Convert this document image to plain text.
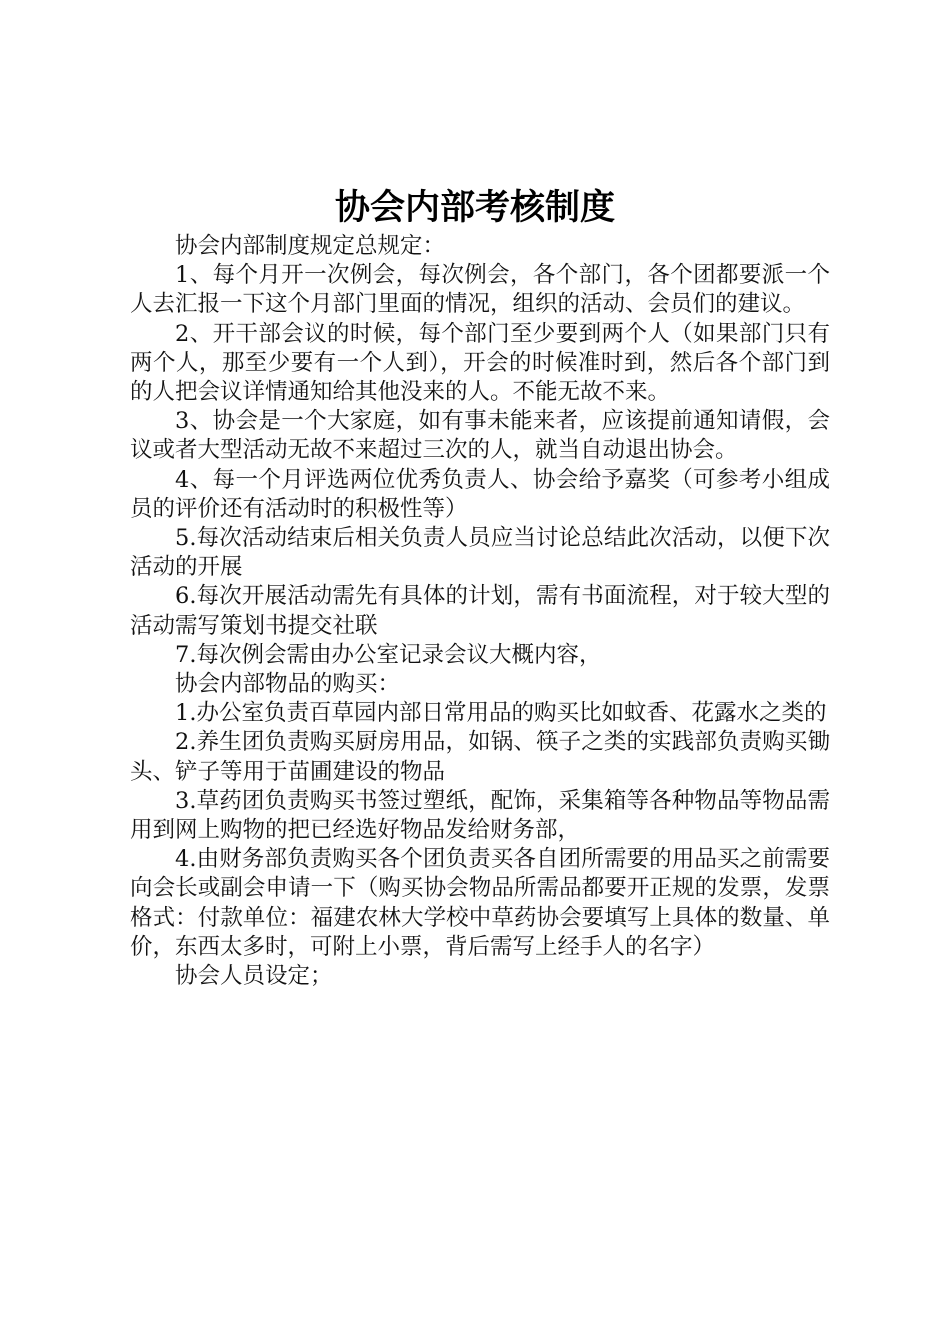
协会内部考核制度

协会内部制度规定总规定：

1、每个月开一次例会，每次例会，各个部门，各个团都要派一个人去汇报一下这个月部门里面的情况，组织的活动、会员们的建议。

2、开干部会议的时候，每个部门至少要到两个人（如果部门只有两个人，那至少要有一个人到），开会的时候准时到，然后各个部门到的人把会议详情通知给其他没来的人。不能无故不来。

3、协会是一个大家庭，如有事未能来者，应该提前通知请假，会议或者大型活动无故不来超过三次的人，就当自动退出协会。

4、每一个月评选两位优秀负责人、协会给予嘉奖（可参考小组成员的评价还有活动时的积极性等）

5.每次活动结束后相关负责人员应当讨论总结此次活动，以便下次活动的开展

6.每次开展活动需先有具体的计划，需有书面流程，对于较大型的活动需写策划书提交社联

7.每次例会需由办公室记录会议大概内容，

协会内部物品的购买：

1.办公室负责百草园内部日常用品的购买比如蚊香、花露水之类的

2.养生团负责购买厨房用品，如锅、筷子之类的实践部负责购买锄头、铲子等用于苗圃建设的物品

3.草药团负责购买书签过塑纸，配饰，采集箱等各种物品等物品需用到网上购物的把已经选好物品发给财务部，

4.由财务部负责购买各个团负责买各自团所需要的用品买之前需要向会长或副会申请一下（购买协会物品所需品都要开正规的发票，发票格式：付款单位：福建农林大学校中草药协会要填写上具体的数量、单价，东西太多时，可附上小票，背后需写上经手人的名字）

协会人员设定；
